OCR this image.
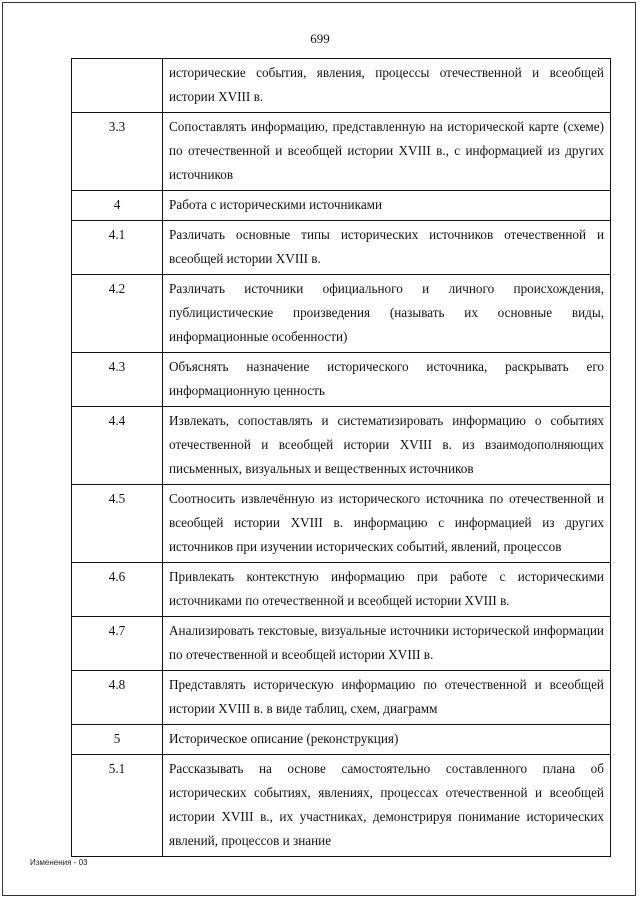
699
	исторические события, явления, процессы отечественной и всеобщей истории XVIII в.
3.3	Сопоставлять информацию, представленную на исторической карте (схеме) по отечественной и всеобщей истории XVIII в., с информацией из других источников
4	Работа с историческими источниками
4.1	Различать основные типы исторических источников отечественной и всеобщей истории XVIII в.
4.2	Различать источники официального и личного происхождения, публицистические произведения (называть их основные виды, информационные особенности)
4.3	Объяснять назначение исторического источника, раскрывать его информационную ценность
4.4	Извлекать, сопоставлять и систематизировать информацию о событиях отечественной и всеобщей истории XVIII в. из взаимодополняющих письменных, визуальных и вещественных источников
4.5	Соотносить извлечённую из исторического источника по отечественной и всеобщей истории XVIII в. информацию с информацией из других источников при изучении исторических событий, явлений, процессов
4.6	Привлекать контекстную информацию при работе с историческими источниками по отечественной и всеобщей истории XVIII в.
4.7	Анализировать текстовые, визуальные источники исторической информации по отечественной и всеобщей истории XVIII в.
4.8	Представлять историческую информацию по отечественной и всеобщей истории XVIII в. в виде таблиц, схем, диаграмм
5	Историческое описание (реконструкция)
5.1	Рассказывать на основе самостоятельно составленного плана об исторических событиях, явлениях, процессах отечественной и всеобщей истории XVIII в., их участниках, демонстрируя понимание исторических явлений, процессов и знание
Изменения - 03
